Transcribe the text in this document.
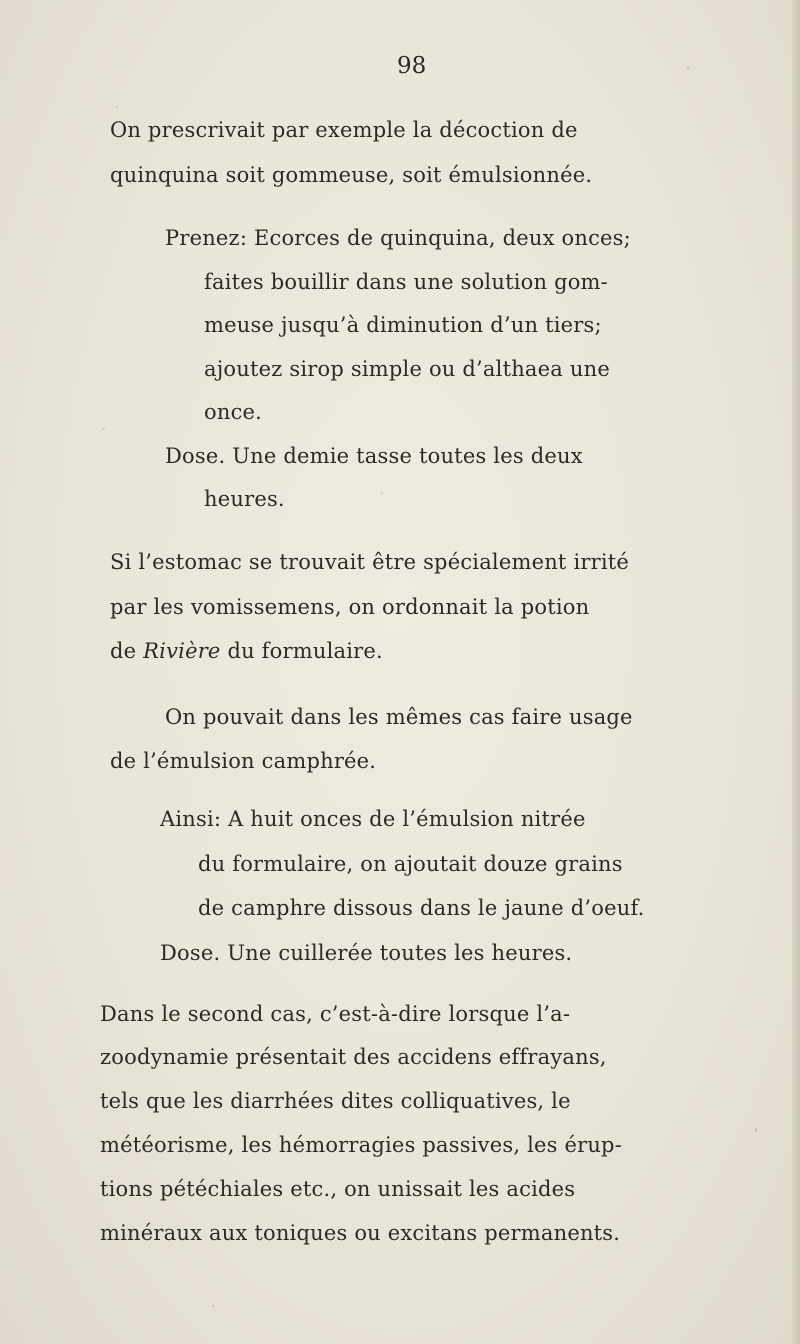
98
On prescrivait par exemple la décoction de
quinquina soit gommeuse, soit émulsionnée.
Prenez: Ecorces de quinquina, deux onces;
faites bouillir dans une solution gom-
meuse jusqu’à diminution d’un tiers;
ajoutez sirop simple ou d’althaea une
once.
Dose. Une demie tasse toutes les deux
heures.
Si l’estomac se trouvait être spécialement irrité
par les vomissemens, on ordonnait la potion
de Rivière du formulaire.
On pouvait dans les mêmes cas faire usage
de l’émulsion camphrée.
Ainsi: A huit onces de l’émulsion nitrée
du formulaire, on ajoutait douze grains
de camphre dissous dans le jaune d’oeuf.
Dose. Une cuillerée toutes les heures.
Dans le second cas, c’est-à-dire lorsque l’a-
zoodynamie présentait des accidens effrayans,
tels que les diarrhées dites colliquatives, le
météorisme, les hémorragies passives, les érup-
tions pétéchiales etc., on unissait les acides
minéraux aux toniques ou excitans permanents.
